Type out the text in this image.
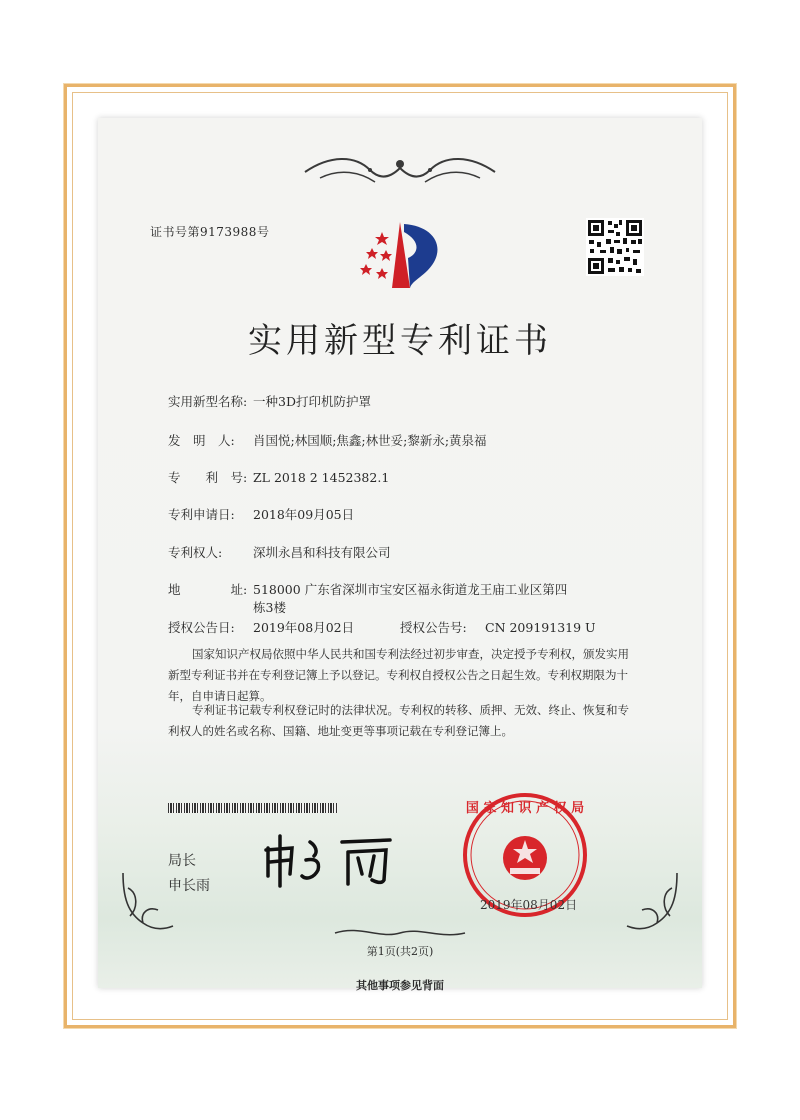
证书号第9173988号
实用新型专利证书
实用新型名称: 一种3D打印机防护罩
发　明　人: 肖国悦;林国顺;焦鑫;林世妥;黎新永;黄泉福
专　　利　号: ZL 2018 2 1452382.1
专利申请日: 2018年09月05日
专利权人: 深圳永昌和科技有限公司
地　　　　址: 518000 广东省深圳市宝安区福永街道龙王庙工业区第四
栋3楼
授权公告日: 2019年08月02日	授权公告号: CN 209191319 U
国家知识产权局依照中华人民共和国专利法经过初步审查，决定授予专利权，颁发实用
新型专利证书并在专利登记簿上予以登记。专利权自授权公告之日起生效。专利权期限为十
年，自申请日起算。
专利证书记载专利权登记时的法律状况。专利权的转移、质押、无效、终止、恢复和专
利权人的姓名或名称、国籍、地址变更等事项记载在专利登记簿上。
局长
申长雨
国 家 知 识 产 权 局
2019年08月02日
第1页(共2页)
其他事项参见背面
